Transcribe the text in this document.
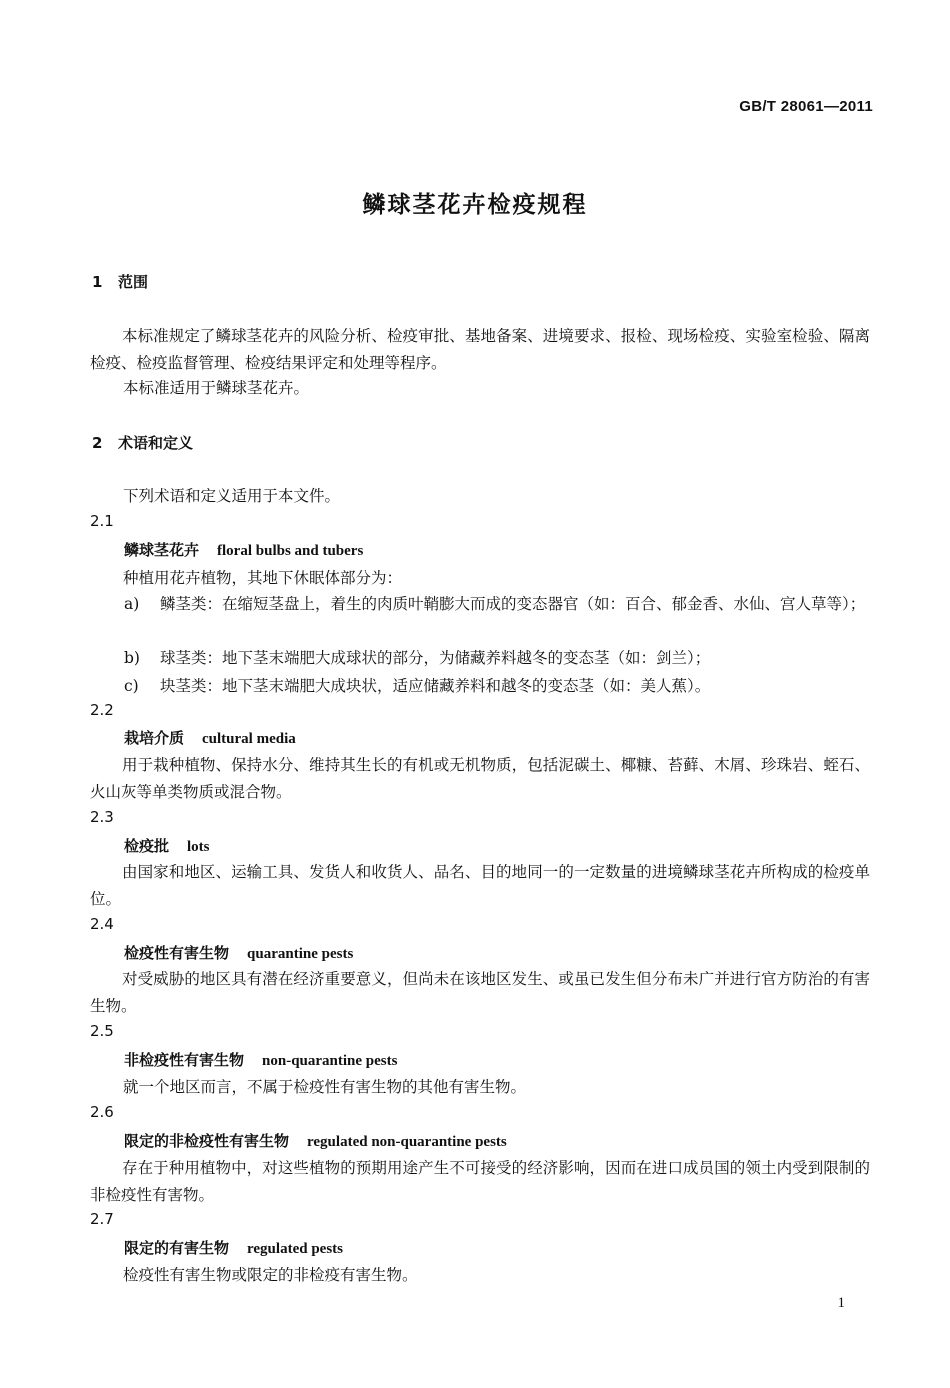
GB/T 28061—2011
鳞球茎花卉检疫规程
1 范围
本标准规定了鳞球茎花卉的风险分析、检疫审批、基地备案、进境要求、报检、现场检疫、实验室检验、隔离检疫、检疫监督管理、检疫结果评定和处理等程序。
本标准适用于鳞球茎花卉。
2 术语和定义
下列术语和定义适用于本文件。
2.1
鳞球茎花卉 floral bulbs and tubers
种植用花卉植物，其地下休眠体部分为：
a) 鳞茎类：在缩短茎盘上，着生的肉质叶鞘膨大而成的变态器官（如：百合、郁金香、水仙、宫人草等）；
b) 球茎类：地下茎末端肥大成球状的部分，为储藏养料越冬的变态茎（如：剑兰）；
c) 块茎类：地下茎末端肥大成块状，适应储藏养料和越冬的变态茎（如：美人蕉）。
2.2
栽培介质 cultural media
用于栽种植物、保持水分、维持其生长的有机或无机物质，包括泥碳土、椰糠、苔藓、木屑、珍珠岩、蛭石、火山灰等单类物质或混合物。
2.3
检疫批 lots
由国家和地区、运输工具、发货人和收货人、品名、目的地同一的一定数量的进境鳞球茎花卉所构成的检疫单位。
2.4
检疫性有害生物 quarantine pests
对受威胁的地区具有潜在经济重要意义，但尚未在该地区发生、或虽已发生但分布未广并进行官方防治的有害生物。
2.5
非检疫性有害生物 non-quarantine pests
就一个地区而言，不属于检疫性有害生物的其他有害生物。
2.6
限定的非检疫性有害生物 regulated non-quarantine pests
存在于种用植物中，对这些植物的预期用途产生不可接受的经济影响，因而在进口成员国的领土内受到限制的非检疫性有害物。
2.7
限定的有害生物 regulated pests
检疫性有害生物或限定的非检疫有害生物。
1
